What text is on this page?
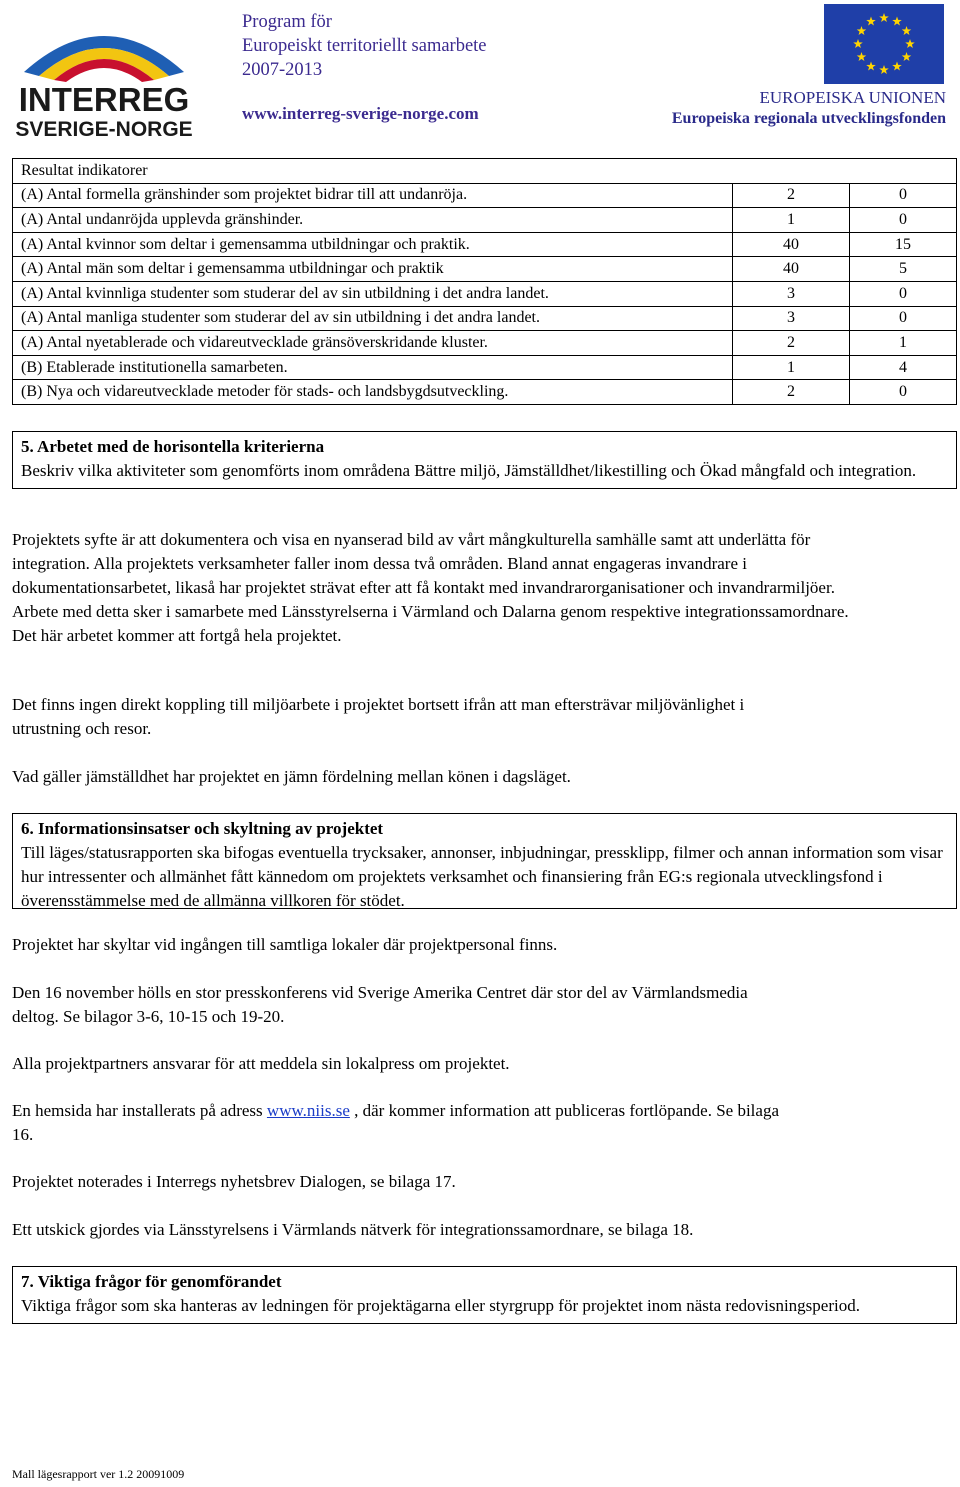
INTERREG
SVERIGE-NORGE
Program för
Europeiskt territoriellt samarbete
2007-2013
www.interreg-sverige-norge.com
EUROPEISKA UNIONEN
Europeiska regionala utvecklingsfonden
Resultat indikatorer		
(A) Antal formella gränshinder som projektet bidrar till att undanröja.	2	0
(A) Antal undanröjda upplevda gränshinder.	1	0
(A) Antal kvinnor som deltar i gemensamma utbildningar och praktik.	40	15
(A) Antal män som deltar i gemensamma utbildningar och praktik	40	5
(A) Antal kvinnliga studenter som studerar del av sin utbildning i det andra landet.	3	0
(A) Antal manliga studenter som studerar del av sin utbildning i det andra landet.	3	0
(A) Antal nyetablerade och vidareutvecklade gränsöverskridande kluster.	2	1
(B) Etablerade institutionella samarbeten.	1	4
(B) Nya och vidareutvecklade metoder för stads- och landsbygdsutveckling.	2	0
5. Arbetet med de horisontella kriterierna
Beskriv vilka aktiviteter som genomförts inom områdena Bättre miljö, Jämställdhet/likestilling och Ökad mångfald och integration.
Projektets syfte är att dokumentera och visa en nyanserad bild av vårt mångkulturella samhälle samt att underlätta för integration. Alla projektets verksamheter faller inom dessa två områden. Bland annat engageras invandrare i dokumentationsarbetet, likaså har projektet strävat efter att få kontakt med invandrarorganisationer och invandrarmiljöer. Arbete med detta sker i samarbete med Länsstyrelserna i Värmland och Dalarna genom respektive integrationssamordnare. Det här arbetet kommer att fortgå hela projektet.
Det finns ingen direkt koppling till miljöarbete i projektet bortsett ifrån att man eftersträvar miljövänlighet i utrustning och resor.
Vad gäller jämställdhet har projektet en jämn fördelning mellan könen i dagsläget.
6. Informationsinsatser och skyltning av projektet
Till läges/statusrapporten ska bifogas eventuella trycksaker, annonser, inbjudningar, pressklipp, filmer och annan information som visar hur intressenter och allmänhet fått kännedom om projektets verksamhet och finansiering från EG:s regionala utvecklingsfond i överensstämmelse med de allmänna villkoren för stödet.
Projektet har skyltar vid ingången till samtliga lokaler där projektpersonal finns.
Den 16 november hölls en stor presskonferens vid Sverige Amerika Centret där stor del av Värmlandsmedia deltog. Se bilagor 3-6, 10-15 och 19-20.
Alla projektpartners ansvarar för att meddela sin lokalpress om projektet.
En hemsida har installerats på adress www.niis.se , där kommer information att publiceras fortlöpande. Se bilaga 16.
Projektet noterades i Interregs nyhetsbrev Dialogen, se bilaga 17.
Ett utskick gjordes via Länsstyrelsens i Värmlands nätverk för integrationssamordnare, se bilaga 18.
7. Viktiga frågor för genomförandet
Viktiga frågor som ska hanteras av ledningen för projektägarna eller styrgrupp för projektet inom nästa redovisningsperiod.
Mall lägesrapport ver 1.2 20091009
